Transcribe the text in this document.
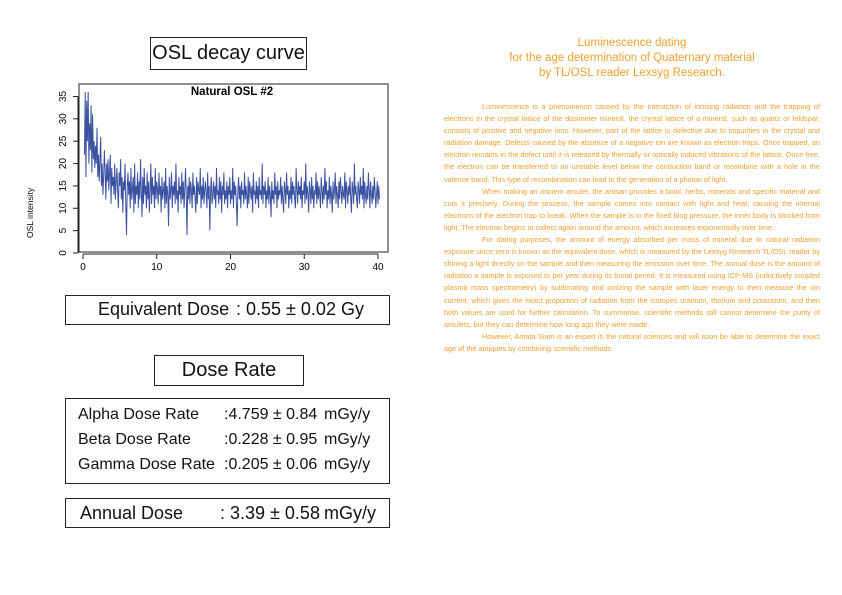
OSL decay curve
Natural OSL #2
OSL intensity
0	10	20	30	40
0
5
10
15
20
25
30
35
Equivalent Dose : 0.55 ± 0.02 Gy
Dose Rate
Alpha Dose Rate :4.759 ± 0.84 mGy/y
Beta Dose Rate :0.228 ± 0.95 mGy/y
Gamma Dose Rate :0.205 ± 0.06 mGy/y
Annual Dose : 3.39 ± 0.58 mGy/y
Luminescence dating
for the age determination of Quaternary material
by TL/OSL reader Lexsyg Research.

Luminescence is a phenomenon caused by the interaction of ionising radiation and the trapping of electrons in the crystal lattice of the dosimeter mineral. the crystal lattice of a mineral, such as quartz or feldspar, consists of positive and negative ions. However, part of the lattice is defective due to impurities in the crystal and radiation damage. Defects caused by the absence of a negative ion are known as electron traps. Once trapped, an electron remains in the defect until it is released by thermally or optically induced vibrations of the lattice. Once free, the electron can be transferred to an unstable level below the conduction band or recombine with a hole in the valence band. This type of recombination can lead to the generation of a photon of light.

When making an ancient amulet, the artisan provides a bowl, herbs, minerals and specific material and cuts it precisely. During the process, the sample comes into contact with light and heat, causing the internal electrons of the electron trap to break. When the sample is in the fixed blog pressure, the inner body is blocked from light. The electron begins to collect again around the amount, which increases exponentially over time.

For dating purposes, the amount of energy absorbed per mass of mineral due to natural radiation exposure since zero is known as the equivalent dose, which is measured by the Lexsyg Research TL/OSL reader by shining a light directly on the sample and then measuring the emission over time. The annual dose is the amount of radiation a sample is exposed to per year during its burial period. It is measured using ICP-MS (inductively coupled plasma mass spectrometry) by sublimating and ionizing the sample with laser energy to then measure the ion current, which gives the exact proportion of radiation from the isotopes uranium, thorium and potassium, and then both values are used for further calculation. To summarise, scientific methods still cannot determine the purity of amulets, but they can determine how long ago they were made.

However, Amata Siam is an expert in the natural sciences and will soon be able to determine the exact age of the antiques by combining scientific methods.
